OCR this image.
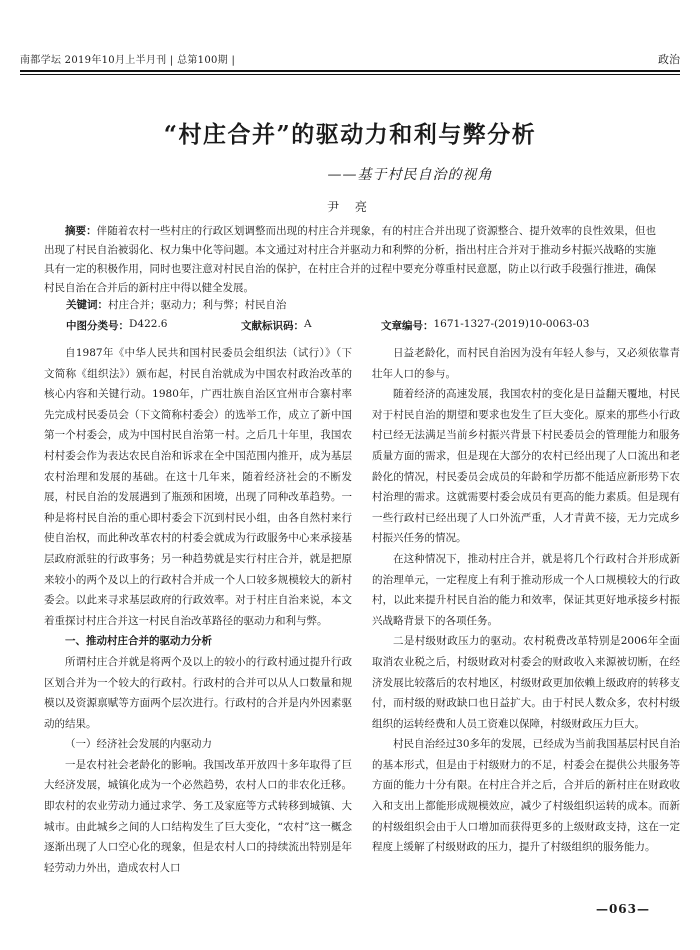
南都学坛 2019年10月上半月刊 | 总第100期 |	政治
“村庄合并”的驱动力和利与弊分析
——基于村民自治的视角
尹 亮
摘要：伴随着农村一些村庄的行政区划调整而出现的村庄合并现象，有的村庄合并出现了资源整合、提升效率的良性效果，但也出现了村民自治被弱化、权力集中化等问题。本文通过对村庄合并驱动力和利弊的分析，指出村庄合并对于推动乡村振兴战略的实施具有一定的积极作用，同时也要注意对村民自治的保护，在村庄合并的过程中要充分尊重村民意愿，防止以行政手段强行推进，确保村民自治在合并后的新村庄中得以健全发展。
关键词：村庄合并；驱动力；利与弊；村民自治
中图分类号： D422.6	文献标识码： A	文章编号： 1671-1327-(2019)10-0063-03

自1987年《中华人民共和国村民委员会组织法（试行）》（下文简称《组织法》）颁布起，村民自治就成为中国农村政治改革的核心内容和关键行动。1980年，广西壮族自治区宜州市合寨村率先完成村民委员会（下文简称村委会）的选举工作，成立了新中国第一个村委会，成为中国村民自治第一村。之后几十年里，我国农村村委会作为表达农民自治和诉求在全中国范围内推开，成为基层农村治理和发展的基础。在这十几年来，随着经济社会的不断发展，村民自治的发展遇到了瓶颈和困境，出现了同种改革趋势。一种是将村民自治的重心即村委会下沉到村民小组，由各自然村来行使自治权，而此种改革农村的村委会就成为行政服务中心来承接基层政府派驻的行政事务；另一种趋势就是实行村庄合并，就是把原来较小的两个及以上的行政村合并成一个人口较多规模较大的新村委会。以此来寻求基层政府的行政效率。对于村庄自治来说，本文着重探讨村庄合并这一村民自治改革路径的驱动力和利与弊。

一、推动村庄合并的驱动力分析

所谓村庄合并就是将两个及以上的较小的行政村通过提升行政区划合并为一个较大的行政村。行政村的合并可以从人口数量和规模以及资源禀赋等方面两个层次进行。行政村的合并是内外因素驱动的结果。

（一）经济社会发展的内驱动力

一是农村社会老龄化的影响。我国改革开放四十多年取得了巨大经济发展，城镇化成为一个必然趋势，农村人口的非农化迁移。即农村的农业劳动力通过求学、务工及家庭等方式转移到城镇、大城市。由此城乡之间的人口结构发生了巨大变化，“农村”这一概念逐渐出现了人口空心化的现象，但是农村人口的持续流出特别是年轻劳动力外出，造成农村人口

日益老龄化，而村民自治因为没有年轻人参与，又必须依靠青壮年人口的参与。

随着经济的高速发展，我国农村的变化是日益翻天覆地，村民对于村民自治的期望和要求也发生了巨大变化。原来的那些小行政村已经无法满足当前乡村振兴背景下村民委员会的管理能力和服务质量方面的需求，但是现在大部分的农村已经出现了人口流出和老龄化的情况，村民委员会成员的年龄和学历都不能适应新形势下农村治理的需求。这就需要村委会成员有更高的能力素质。但是现有一些行政村已经出现了人口外流严重，人才青黄不接，无力完成乡村振兴任务的情况。

在这种情况下，推动村庄合并，就是将几个行政村合并形成新的治理单元，一定程度上有利于推动形成一个人口规模较大的行政村，以此来提升村民自治的能力和效率，保证其更好地承接乡村振兴战略背景下的各项任务。

二是村级财政压力的驱动。农村税费改革特别是2006年全面取消农业税之后，村级财政对村委会的财政收入来源被切断，在经济发展比较落后的农村地区，村级财政更加依赖上级政府的转移支付，而村级的财政缺口也日益扩大。由于村民人数众多，农村村级组织的运转经费和人员工资难以保障，村级财政压力巨大。

村民自治经过30多年的发展，已经成为当前我国基层村民自治的基本形式，但是由于村级财力的不足，村委会在提供公共服务等方面的能力十分有限。在村庄合并之后，合并后的新村庄在财政收入和支出上都能形成规模效应，减少了村级组织运转的成本。而新的村级组织会由于人口增加而获得更多的上级财政支持，这在一定程度上缓解了村级财政的压力，提升了村级组织的服务能力。

—063—
